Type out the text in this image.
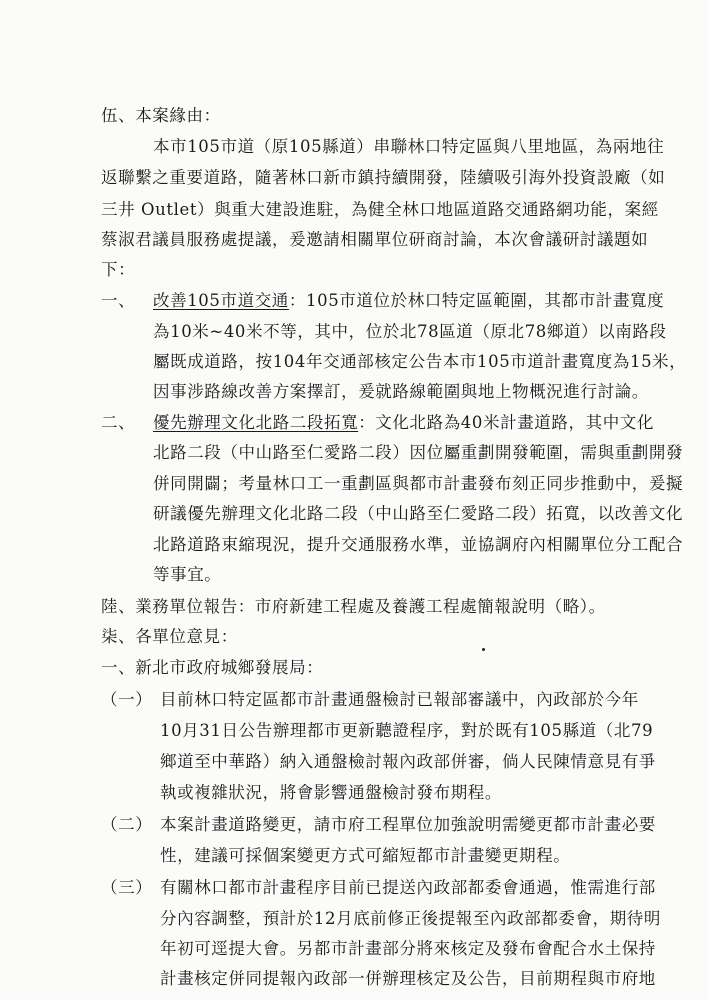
伍、本案緣由：
本市105市道（原105縣道）串聯林口特定區與八里地區，為兩地往
返聯繫之重要道路，隨著林口新市鎮持續開發，陸續吸引海外投資設廠（如
三井 Outlet）與重大建設進駐，為健全林口地區道路交通路網功能，案經
蔡淑君議員服務處提議，爰邀請相關單位研商討論，本次會議研討議題如
下：
一、 改善105市道交通：105市道位於林口特定區範圍，其都市計畫寬度
為10米~40米不等，其中，位於北78區道（原北78鄉道）以南路段
屬既成道路，按104年交通部核定公告本市105市道計畫寬度為15米，
因事涉路線改善方案擇訂，爰就路線範圍與地上物概況進行討論。
二、 優先辦理文化北路二段拓寬：文化北路為40米計畫道路，其中文化
北路二段（中山路至仁愛路二段）因位屬重劃開發範圍，需與重劃開發
併同開闢；考量林口工一重劃區與都市計畫發布刻正同步推動中，爰擬
研議優先辦理文化北路二段（中山路至仁愛路二段）拓寬，以改善文化
北路道路束縮現況，提升交通服務水準，並協調府內相關單位分工配合
等事宜。
陸、業務單位報告：市府新建工程處及養護工程處簡報說明（略）。
柒、各單位意見：
一、新北市政府城鄉發展局：
（一） 目前林口特定區都市計畫通盤檢討已報部審議中，內政部於今年
10月31日公告辦理都市更新聽證程序，對於既有105縣道（北79
鄉道至中華路）納入通盤檢討報內政部併審，倘人民陳情意見有爭
執或複雜狀況，將會影響通盤檢討發布期程。
（二） 本案計畫道路變更，請市府工程單位加強說明需變更都市計畫必要
性，建議可採個案變更方式可縮短都市計畫變更期程。
（三） 有關林口都市計畫程序目前已提送內政部都委會通過，惟需進行部
分內容調整，預計於12月底前修正後提報至內政部都委會，期待明
年初可逕提大會。另都市計畫部分將來核定及發布會配合水土保持
計畫核定併同提報內政部一併辦理核定及公告，目前期程與市府地
